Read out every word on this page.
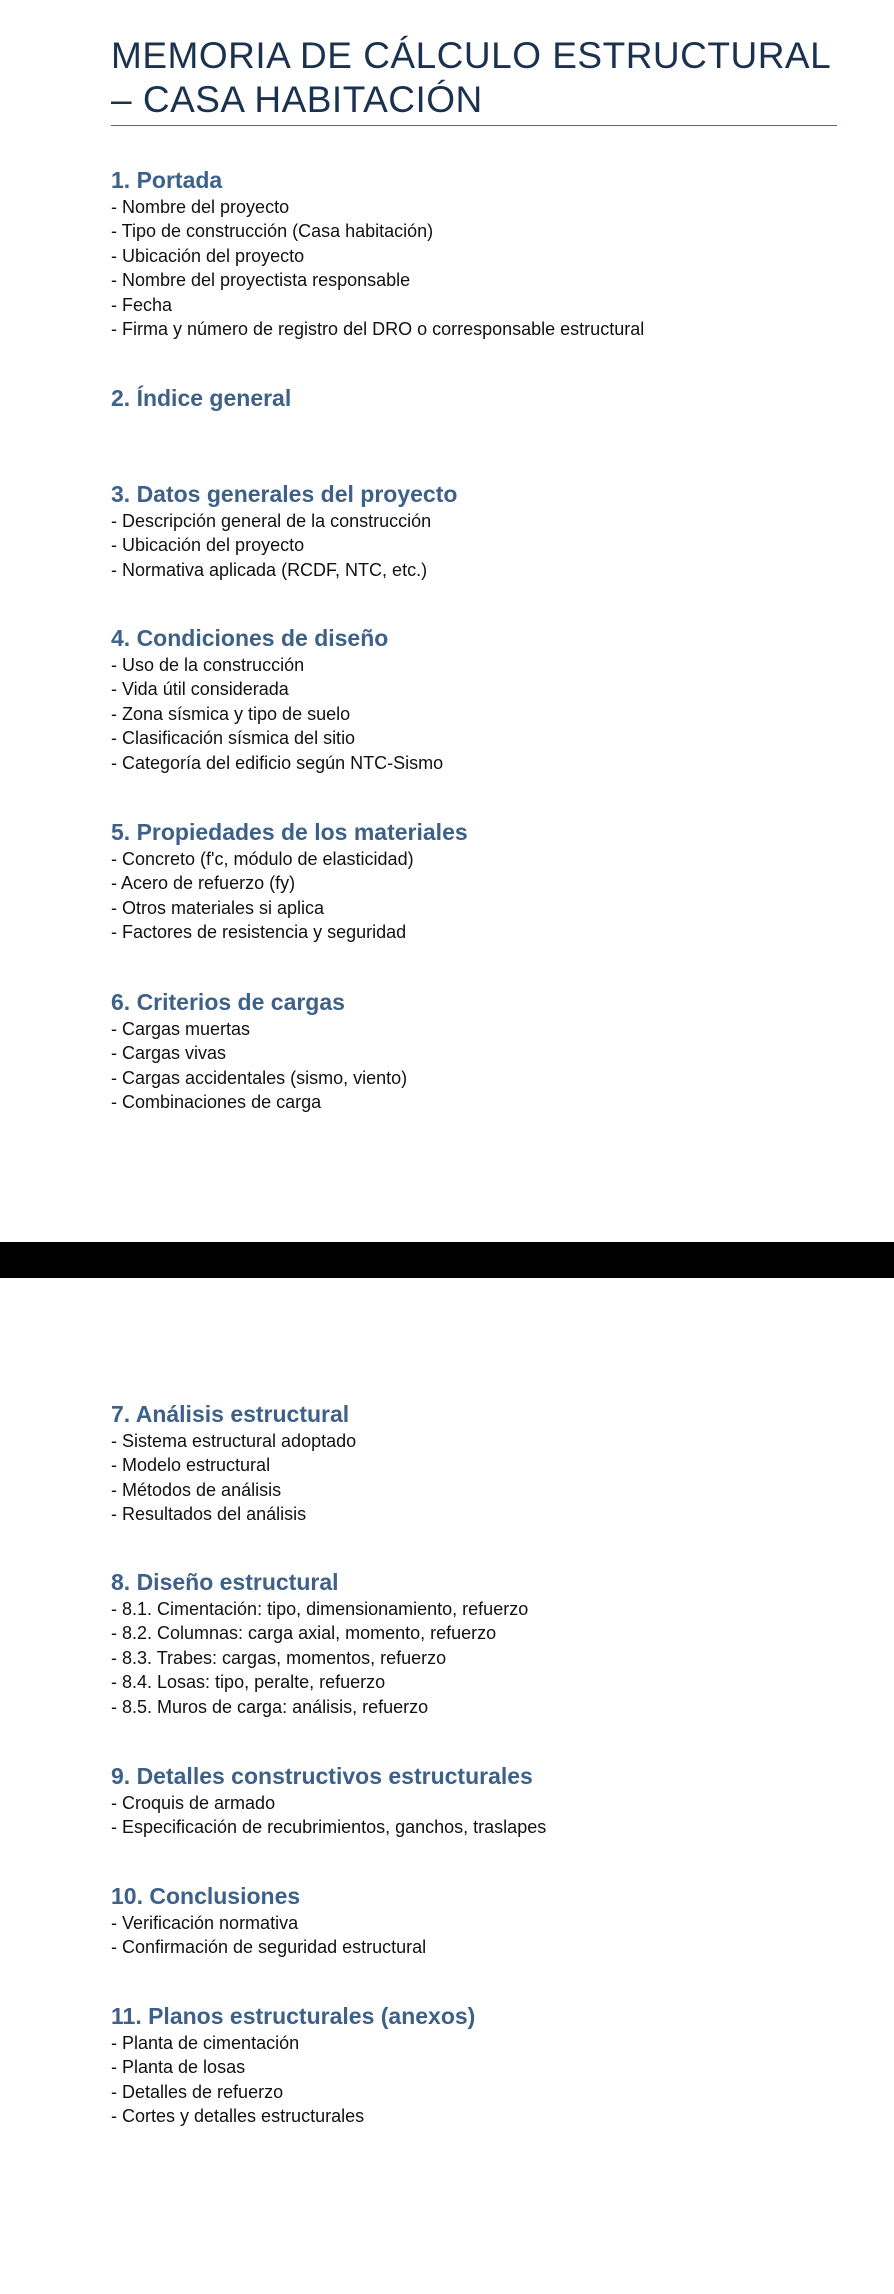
MEMORIA DE CÁLCULO ESTRUCTURAL – CASA HABITACIÓN
1. Portada
- Nombre del proyecto
- Tipo de construcción (Casa habitación)
- Ubicación del proyecto
- Nombre del proyectista responsable
- Fecha
- Firma y número de registro del DRO o corresponsable estructural
2. Índice general
3. Datos generales del proyecto
- Descripción general de la construcción
- Ubicación del proyecto
- Normativa aplicada (RCDF, NTC, etc.)
4. Condiciones de diseño
- Uso de la construcción
- Vida útil considerada
- Zona sísmica y tipo de suelo
- Clasificación sísmica del sitio
- Categoría del edificio según NTC-Sismo
5. Propiedades de los materiales
- Concreto (f'c, módulo de elasticidad)
- Acero de refuerzo (fy)
- Otros materiales si aplica
- Factores de resistencia y seguridad
6. Criterios de cargas
- Cargas muertas
- Cargas vivas
- Cargas accidentales (sismo, viento)
- Combinaciones de carga
7. Análisis estructural
- Sistema estructural adoptado
- Modelo estructural
- Métodos de análisis
- Resultados del análisis
8. Diseño estructural
- 8.1. Cimentación: tipo, dimensionamiento, refuerzo
- 8.2. Columnas: carga axial, momento, refuerzo
- 8.3. Trabes: cargas, momentos, refuerzo
- 8.4. Losas: tipo, peralte, refuerzo
- 8.5. Muros de carga: análisis, refuerzo
9. Detalles constructivos estructurales
- Croquis de armado
- Especificación de recubrimientos, ganchos, traslapes
10. Conclusiones
- Verificación normativa
- Confirmación de seguridad estructural
11. Planos estructurales (anexos)
- Planta de cimentación
- Planta de losas
- Detalles de refuerzo
- Cortes y detalles estructurales
